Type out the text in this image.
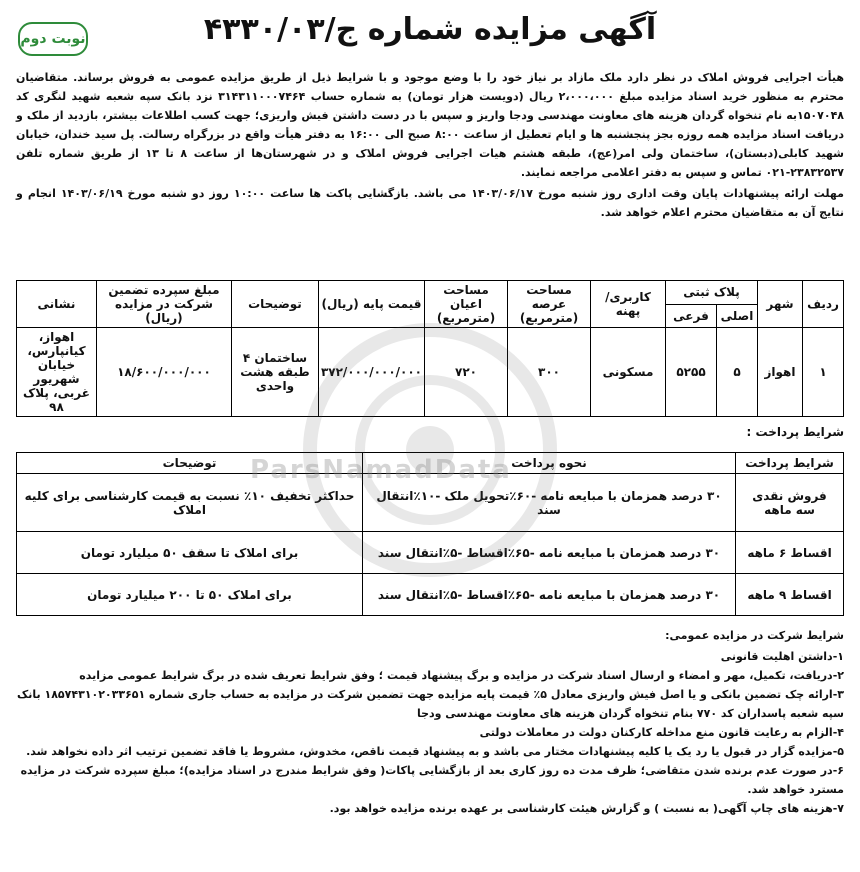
نوبت دوم	آگهی مزایده شماره ج/۴۳۳۰/۰۳

هیأت اجرایی فروش املاک در نظر دارد ملک مازاد بر نیاز خود را با وضع موجود و با شرایط ذیل از طریق مزایده عمومی به فروش برساند. متقاضیان محترم به منظور خرید اسناد مزایده مبلغ ۲،۰۰۰،۰۰۰ ریال (دویست هزار تومان) به شماره حساب ۳۱۴۳۱۱۰۰۰۷۴۶۴ نزد بانک سپه شعبه شهید لنگری کد ۱۵۰۷۰۴۸به نام تنخواه گردان هزینه های معاونت مهندسی ودجا واریز و سپس با در دست داشتن فیش واریزی؛ جهت کسب اطلاعات بیشتر، بازدید از ملک و دریافت اسناد مزایده همه روزه بجز پنجشنبه ها و ایام تعطیل از ساعت ۸:۰۰ صبح الی ۱۶:۰۰ به دفتر هیأت واقع در بزرگراه رسالت. پل سید خندان، خیابان شهید کابلی(دبستان)، ساختمان ولی امر(عج)، طبقه هشتم هیات اجرایی فروش املاک و در شهرستان‌ها از ساعت ۸ تا ۱۳ از طریق شماره تلفن ۲۳۸۳۲۵۳۷-۰۲۱ تماس و سپس به دفتر اعلامی مراجعه نمایند.

مهلت ارائه پیشنهادات پایان وقت اداری روز شنبه مورخ ۱۴۰۳/۰۶/۱۷ می باشد. بازگشایی پاکت ها ساعت ۱۰:۰۰ روز دو شنبه مورخ ۱۴۰۳/۰۶/۱۹ انجام و نتایج آن به متقاضیان محترم اعلام خواهد شد.

ردیف	شهر	پلاک ثبتی		کاربری/پهنه	مساحت عرصه (مترمربع)	مساحت اعیان (مترمربع)	قیمت پایه (ریال)	توضیحات	مبلغ سپرده تضمین شرکت در مزایده (ریال)	نشانی
		اصلی	فرعی							
۱	اهواز	۵	۵۲۵۵	مسکونی	۳۰۰	۷۲۰	۳۷۲/۰۰۰/۰۰۰/۰۰۰	ساختمان ۴ طبقه هشت واحدی	۱۸/۶۰۰/۰۰۰/۰۰۰	اهواز، کیانپارس، خیابان شهریور غربی، پلاک ۹۸
شرایط پرداخت :
شرایط پرداخت	نحوه پرداخت	توضیحات
فروش نقدی سه ماهه	۳۰ درصد همزمان با مبایعه نامه -۶۰٪تحویل ملک -۱۰٪انتقال سند	حداکثر تخفیف ۱۰٪ نسبت به قیمت کارشناسی برای کلیه املاک
اقساط ۶ ماهه	۳۰ درصد همزمان با مبایعه نامه -۶۵٪اقساط -۵٪انتقال سند	برای املاک تا سقف ۵۰ میلیارد تومان
اقساط ۹ ماهه	۳۰ درصد همزمان با مبایعه نامه -۶۵٪اقساط -۵٪انتقال سند	برای املاک ۵۰ تا ۲۰۰ میلیارد تومان
شرایط شرکت در مزایده عمومی:
۱-داشتن اهلیت قانونی
۲-دریافت، تکمیل، مهر و امضاء و ارسال اسناد شرکت در مزایده و برگ پیشنهاد قیمت ؛ وفق شرایط تعریف شده در برگ شرایط عمومی مزایده
۳-ارائه چک تضمین بانکی و یا اصل فیش واریزی معادل ۵٪ قیمت پایه مزایده جهت تضمین شرکت در مزایده به حساب جاری شماره ۱۸۵۷۴۳۱۰۲۰۳۳۶۵۱ بانک سپه شعبه پاسداران کد ۷۷۰ بنام تنخواه گردان هزینه های معاونت مهندسی ودجا
۴-الزام به رعایت قانون منع مداخله کارکنان دولت در معاملات دولتی
۵-مزایده گزار در قبول یا رد یک یا کلیه پیشنهادات مختار می باشد و به پیشنهاد قیمت ناقص، مخدوش، مشروط یا فاقد تضمین ترتیب اثر داده نخواهد شد.
۶-در صورت عدم برنده شدن متقاضی؛ ظرف مدت ده روز کاری بعد از بازگشایی پاکات( وفق شرایط مندرج در اسناد مزایده)؛ مبلغ سپرده شرکت در مزایده مسترد خواهد شد.
۷-هزینه های چاپ آگهی( به نسبت ) و گزارش هیئت کارشناسی بر عهده برنده مزایده خواهد بود.
ParsNamadData
